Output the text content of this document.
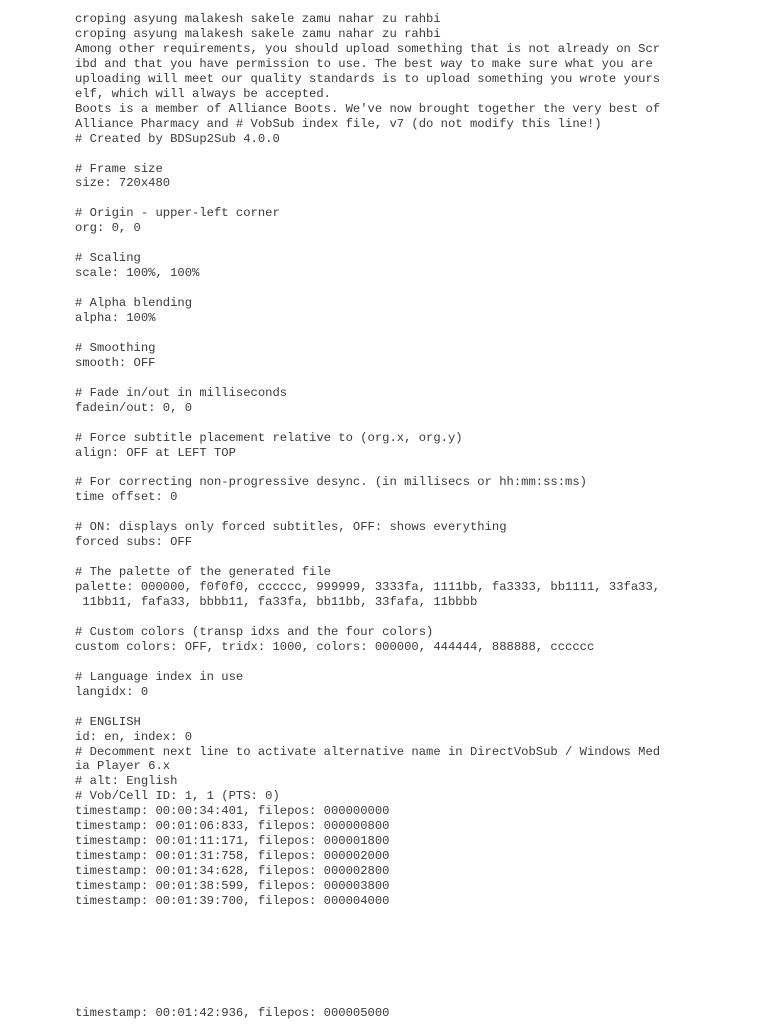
croping asyung malakesh sakele zamu nahar zu rahbi
croping asyung malakesh sakele zamu nahar zu rahbi
Among other requirements, you should upload something that is not already on Scr
ibd and that you have permission to use. The best way to make sure what you are
uploading will meet our quality standards is to upload something you wrote yours
elf, which will always be accepted.
Boots is a member of Alliance Boots. We've now brought together the very best of
Alliance Pharmacy and # VobSub index file, v7 (do not modify this line!)
# Created by BDSup2Sub 4.0.0
# Frame size
size: 720x480
# Origin - upper-left corner
org: 0, 0
# Scaling
scale: 100%, 100%
# Alpha blending
alpha: 100%
# Smoothing
smooth: OFF
# Fade in/out in milliseconds
fadein/out: 0, 0
# Force subtitle placement relative to (org.x, org.y)
align: OFF at LEFT TOP
# For correcting non-progressive desync. (in millisecs or hh:mm:ss:ms)
time offset: 0
# ON: displays only forced subtitles, OFF: shows everything
forced subs: OFF
# The palette of the generated file
palette: 000000, f0f0f0, cccccc, 999999, 3333fa, 1111bb, fa3333, bb1111, 33fa33,
11bb11, fafa33, bbbb11, fa33fa, bb11bb, 33fafa, 11bbbb
# Custom colors (transp idxs and the four colors)
custom colors: OFF, tridx: 1000, colors: 000000, 444444, 888888, cccccc
# Language index in use
langidx: 0
# ENGLISH
id: en, index: 0
# Decomment next line to activate alternative name in DirectVobSub / Windows Med
ia Player 6.x
# alt: English
# Vob/Cell ID: 1, 1 (PTS: 0)
timestamp: 00:00:34:401, filepos: 000000000
timestamp: 00:01:06:833, filepos: 000000800
timestamp: 00:01:11:171, filepos: 000001800
timestamp: 00:01:31:758, filepos: 000002000
timestamp: 00:01:34:628, filepos: 000002800
timestamp: 00:01:38:599, filepos: 000003800
timestamp: 00:01:39:700, filepos: 000004000
timestamp: 00:01:42:936, filepos: 000005000
